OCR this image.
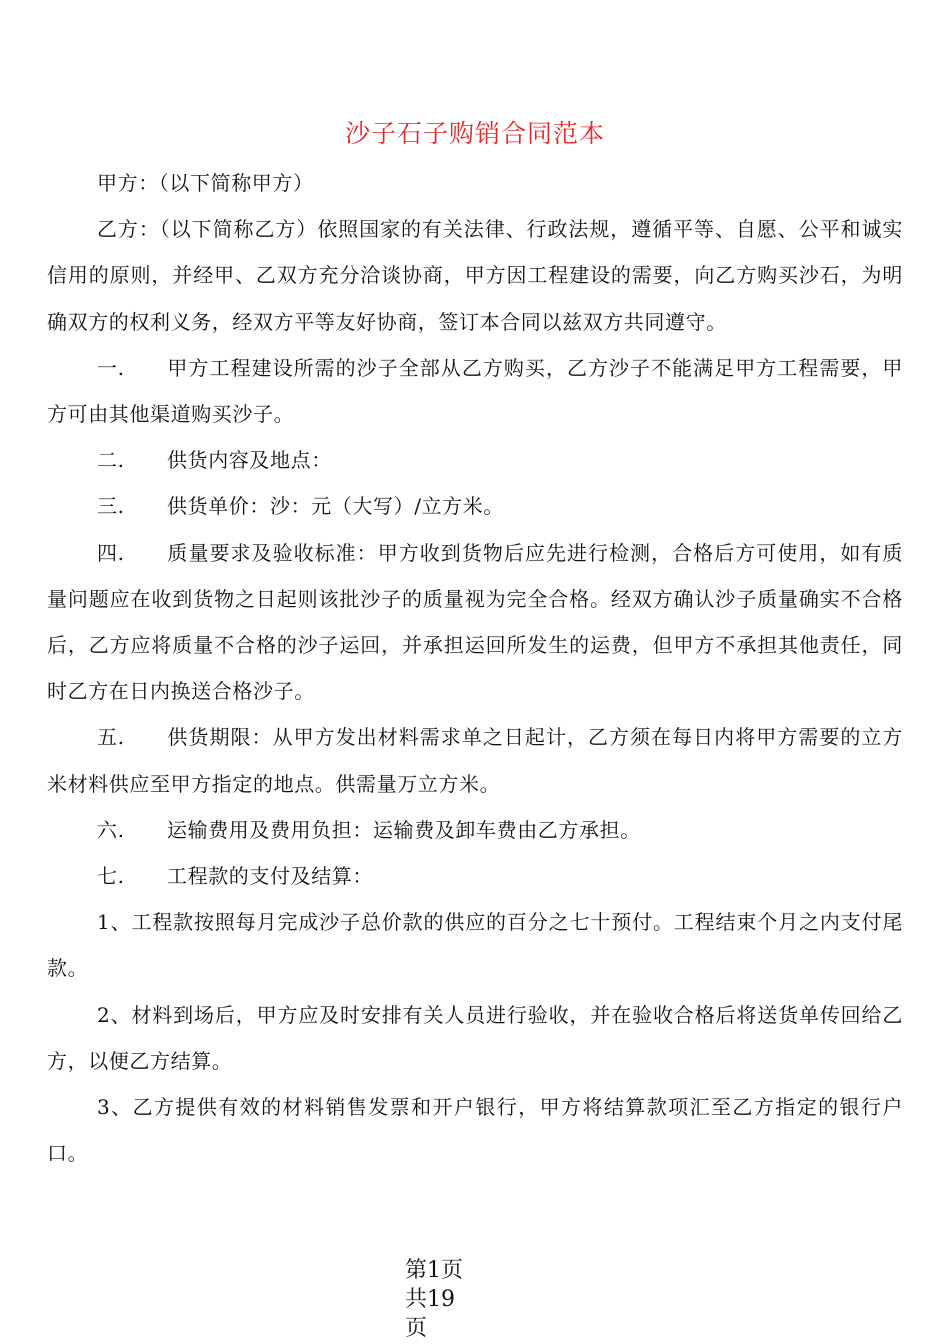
沙子石子购销合同范本

甲方：（以下简称甲方）

乙方：（以下简称乙方）依照国家的有关法律、行政法规，遵循平等、自愿、公平和诚实信用的原则，并经甲、乙双方充分洽谈协商，甲方因工程建设的需要，向乙方购买沙石，为明确双方的权利义务，经双方平等友好协商，签订本合同以兹双方共同遵守。

一. 甲方工程建设所需的沙子全部从乙方购买，乙方沙子不能满足甲方工程需要，甲方可由其他渠道购买沙子。

二. 供货内容及地点：

三. 供货单价：沙：元（大写）/立方米。

四. 质量要求及验收标准：甲方收到货物后应先进行检测，合格后方可使用，如有质量问题应在收到货物之日起则该批沙子的质量视为完全合格。经双方确认沙子质量确实不合格后，乙方应将质量不合格的沙子运回，并承担运回所发生的运费，但甲方不承担其他责任，同时乙方在日内换送合格沙子。

五. 供货期限：从甲方发出材料需求单之日起计，乙方须在每日内将甲方需要的立方米材料供应至甲方指定的地点。供需量万立方米。

六. 运输费用及费用负担：运输费及卸车费由乙方承担。

七. 工程款的支付及结算：

1、工程款按照每月完成沙子总价款的供应的百分之七十预付。工程结束个月之内支付尾款。

2、材料到场后，甲方应及时安排有关人员进行验收，并在验收合格后将送货单传回给乙方，以便乙方结算。

3、乙方提供有效的材料销售发票和开户银行，甲方将结算款项汇至乙方指定的银行户口。

第1页共19页
